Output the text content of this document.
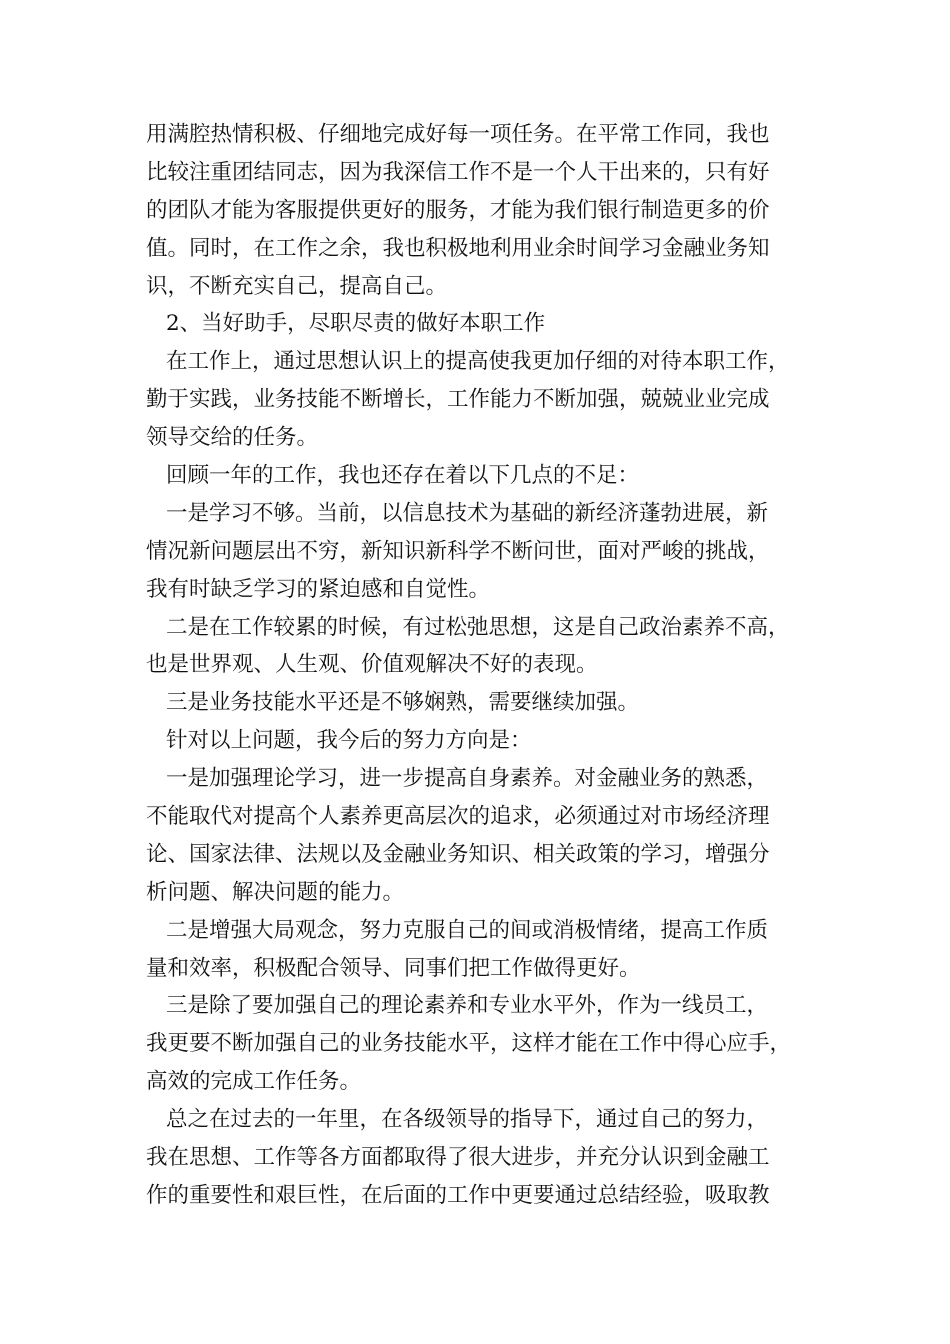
用满腔热情积极、仔细地完成好每一项任务。在平常工作同，我也
比较注重团结同志，因为我深信工作不是一个人干出来的，只有好
的团队才能为客服提供更好的服务，才能为我们银行制造更多的价
值。同时，在工作之余，我也积极地利用业余时间学习金融业务知
识，不断充实自己，提高自己。
2、当好助手，尽职尽责的做好本职工作
在工作上，通过思想认识上的提高使我更加仔细的对待本职工作，
勤于实践，业务技能不断增长，工作能力不断加强，兢兢业业完成
领导交给的任务。
回顾一年的工作，我也还存在着以下几点的不足：
一是学习不够。当前，以信息技术为基础的新经济蓬勃进展，新
情况新问题层出不穷，新知识新科学不断问世，面对严峻的挑战，
我有时缺乏学习的紧迫感和自觉性。
二是在工作较累的时候，有过松弛思想，这是自己政治素养不高，
也是世界观、人生观、价值观解决不好的表现。
三是业务技能水平还是不够娴熟，需要继续加强。
针对以上问题，我今后的努力方向是：
一是加强理论学习，进一步提高自身素养。对金融业务的熟悉，
不能取代对提高个人素养更高层次的追求，必须通过对市场经济理
论、国家法律、法规以及金融业务知识、相关政策的学习，增强分
析问题、解决问题的能力。
二是增强大局观念，努力克服自己的间或消极情绪，提高工作质
量和效率，积极配合领导、同事们把工作做得更好。
三是除了要加强自己的理论素养和专业水平外，作为一线员工，
我更要不断加强自己的业务技能水平，这样才能在工作中得心应手，
高效的完成工作任务。
总之在过去的一年里，在各级领导的指导下，通过自己的努力，
我在思想、工作等各方面都取得了很大进步，并充分认识到金融工
作的重要性和艰巨性，在后面的工作中更要通过总结经验，吸取教
